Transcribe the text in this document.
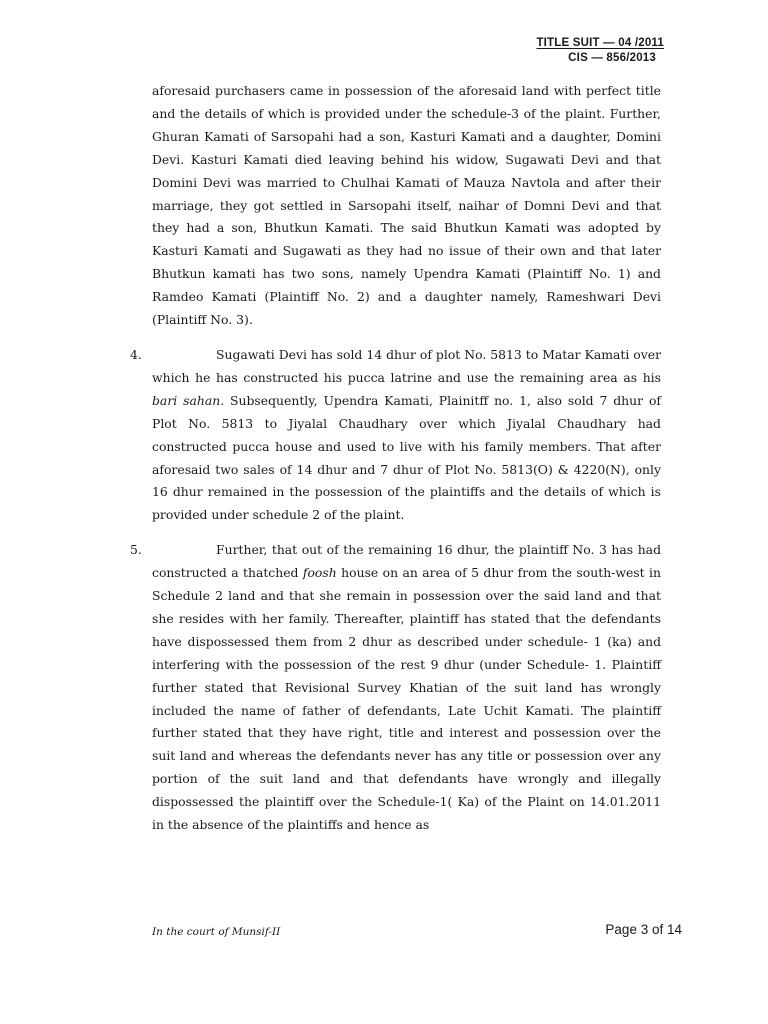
TITLE SUIT — 04 /2011
CIS — 856/2013

aforesaid purchasers came in possession of the aforesaid land with perfect title and the details of which is provided under the schedule-3 of the plaint. Further, Ghuran Kamati of Sarsopahi had a son, Kasturi Kamati and a daughter, Domini Devi. Kasturi Kamati died leaving behind his widow, Sugawati Devi and that Domini Devi was married to Chulhai Kamati of Mauza Navtola and after their marriage, they got settled in Sarsopahi itself, naihar of Domni Devi and that they had a son, Bhutkun Kamati. The said Bhutkun Kamati was adopted by Kasturi Kamati and Sugawati as they had no issue of their own and that later Bhutkun kamati has two sons, namely Upendra Kamati (Plaintiff No. 1) and Ramdeo Kamati (Plaintiff No. 2) and a daughter namely, Rameshwari Devi (Plaintiff No. 3).

4.	Sugawati Devi has sold 14 dhur of plot No. 5813 to Matar Kamati over which he has constructed his pucca latrine and use the remaining area as his bari sahan. Subsequently, Upendra Kamati, Plainitff no. 1, also sold 7 dhur of Plot No. 5813 to Jiyalal Chaudhary over which Jiyalal Chaudhary had constructed pucca house and used to live with his family members. That after aforesaid two sales of 14 dhur and 7 dhur of Plot No. 5813(O) & 4220(N), only 16 dhur remained in the possession of the plaintiffs and the details of which is provided under schedule 2 of the plaint.

5.	Further, that out of the remaining 16 dhur, the plaintiff No. 3 has had constructed a thatched foosh house on an area of 5 dhur from the south-west in Schedule 2 land and that she remain in possession over the said land and that she resides with her family. Thereafter, plaintiff has stated that the defendants have dispossessed them from 2 dhur as described under schedule- 1 (ka) and interfering with the possession of the rest 9 dhur (under Schedule- 1. Plaintiff further stated that Revisional Survey Khatian of the suit land has wrongly included the name of father of defendants, Late Uchit Kamati. The plaintiff further stated that they have right, title and interest and possession over the suit land and whereas the defendants never has any title or possession over any portion of the suit land and that defendants have wrongly and illegally dispossessed the plaintiff over the Schedule-1( Ka) of the Plaint on 14.01.2011 in the absence of the plaintiffs and hence as

In the court of Munsif-II	Page 3 of 14
